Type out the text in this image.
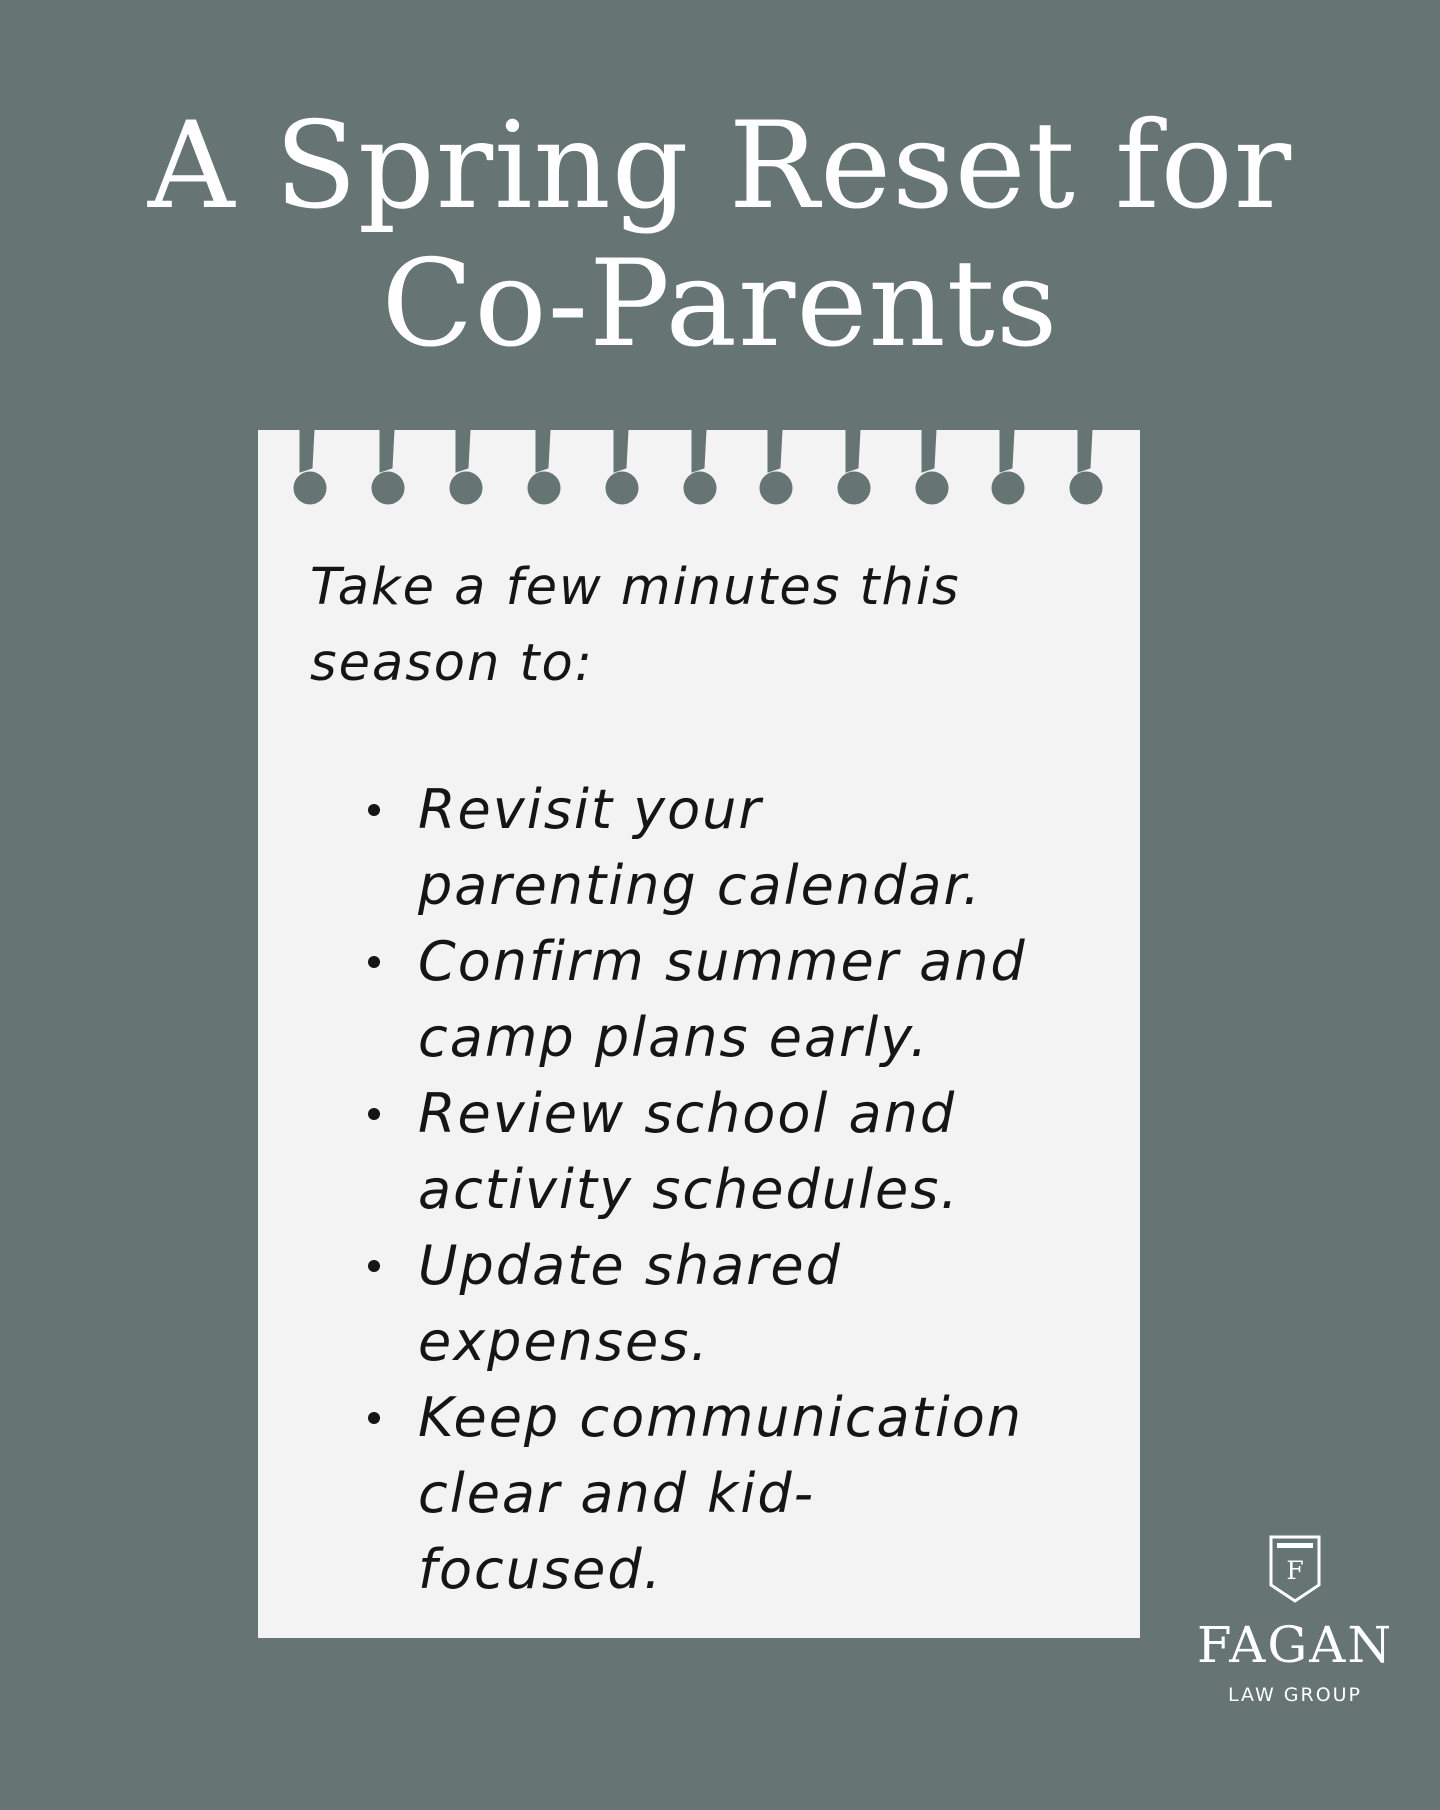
A Spring Reset for
Co-Parents

Take a few minutes this
season to:

Revisit your
parenting calendar.
Confirm summer and
camp plans early.
Review school and
activity schedules.
Update shared
expenses.
Keep communication
clear and kid-
focused.	F
FAGAN
LAW GROUP
